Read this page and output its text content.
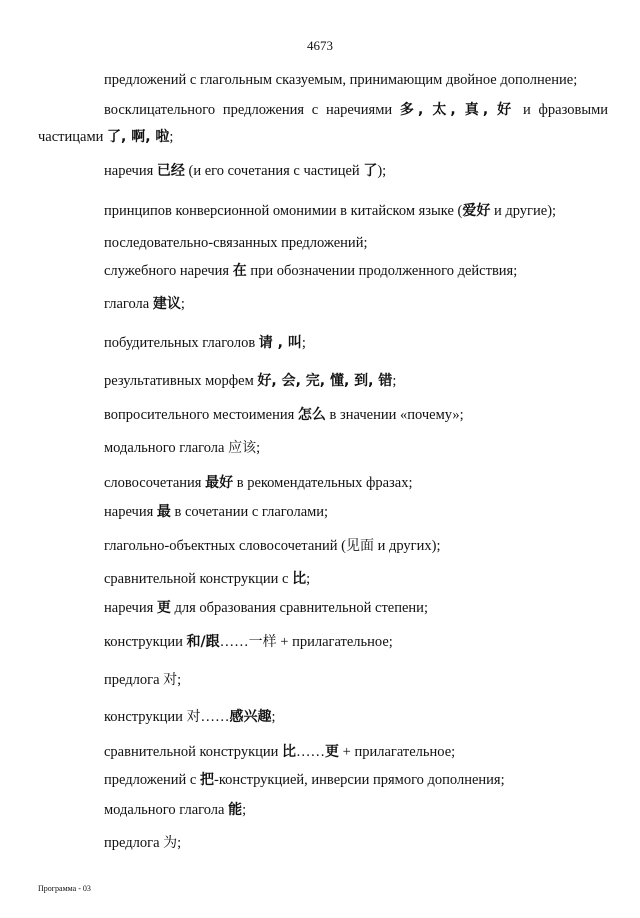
4673
предложений с глагольным сказуемым, принимающим двойное дополнение;
восклицательного предложения с наречиями 多, 太, 真, 好 и фразовыми
частицами 了, 啊, 啦;
наречия 已经 (и его сочетания с частицей 了);
принципов конверсионной омонимии в китайском языке (爱好 и другие);
последовательно-связанных предложений;
служебного наречия 在 при обозначении продолженного действия;
глагола 建议;
побудительных глаголов 请 , 叫;
результативных морфем 好, 会, 完, 懂, 到, 错;
вопросительного местоимения 怎么 в значении «почему»;
модального глагола 应该;
словосочетания 最好 в рекомендательных фразах;
наречия 最 в сочетании с глаголами;
глагольно-объектных словосочетаний (见面 и других);
сравнительной конструкции с 比;
наречия 更 для образования сравнительной степени;
конструкции 和/跟……一样 + прилагательное;
предлога 对;
конструкции 对……感兴趣;
сравнительной конструкции 比……更 + прилагательное;
предложений с 把-конструкцией, инверсии прямого дополнения;
модального глагола 能;
предлога 为;
Программа - 03
